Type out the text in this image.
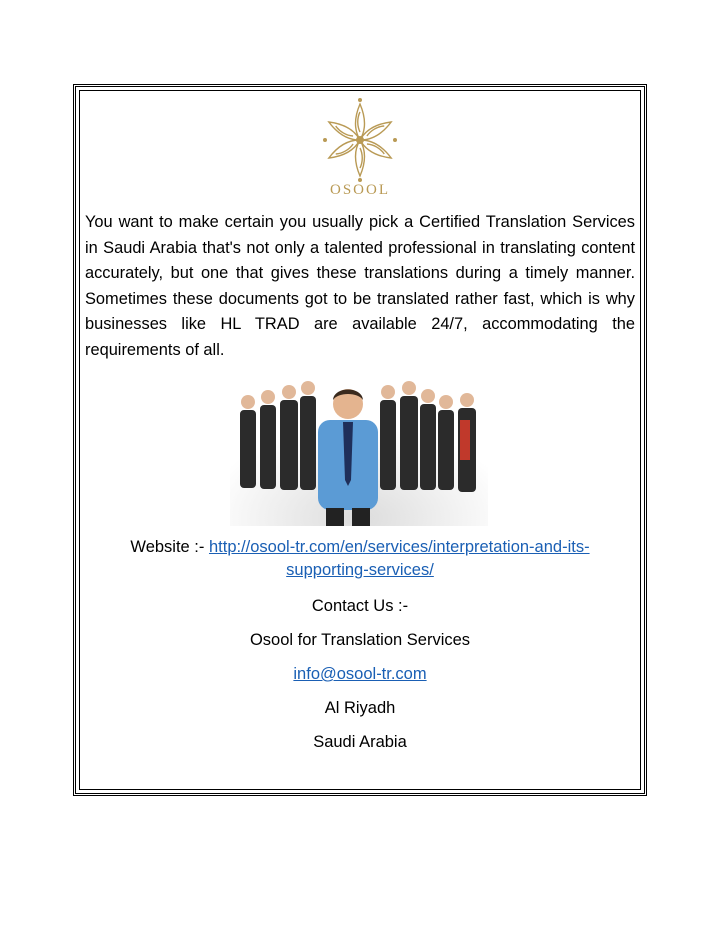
OSOOL
You want to make certain you usually pick a Certified Translation Services in Saudi Arabia that's not only a talented professional in translating content accurately, but one that gives these translations during a timely manner. Sometimes these documents got to be translated rather fast, which is why businesses like HL TRAD are available 24/7, accommodating the requirements of all.
Website :- http://osool-tr.com/en/services/interpretation-and-its-
supporting-services/
Contact Us :-
Osool for Translation Services
info@osool-tr.com
Al Riyadh
Saudi Arabia
